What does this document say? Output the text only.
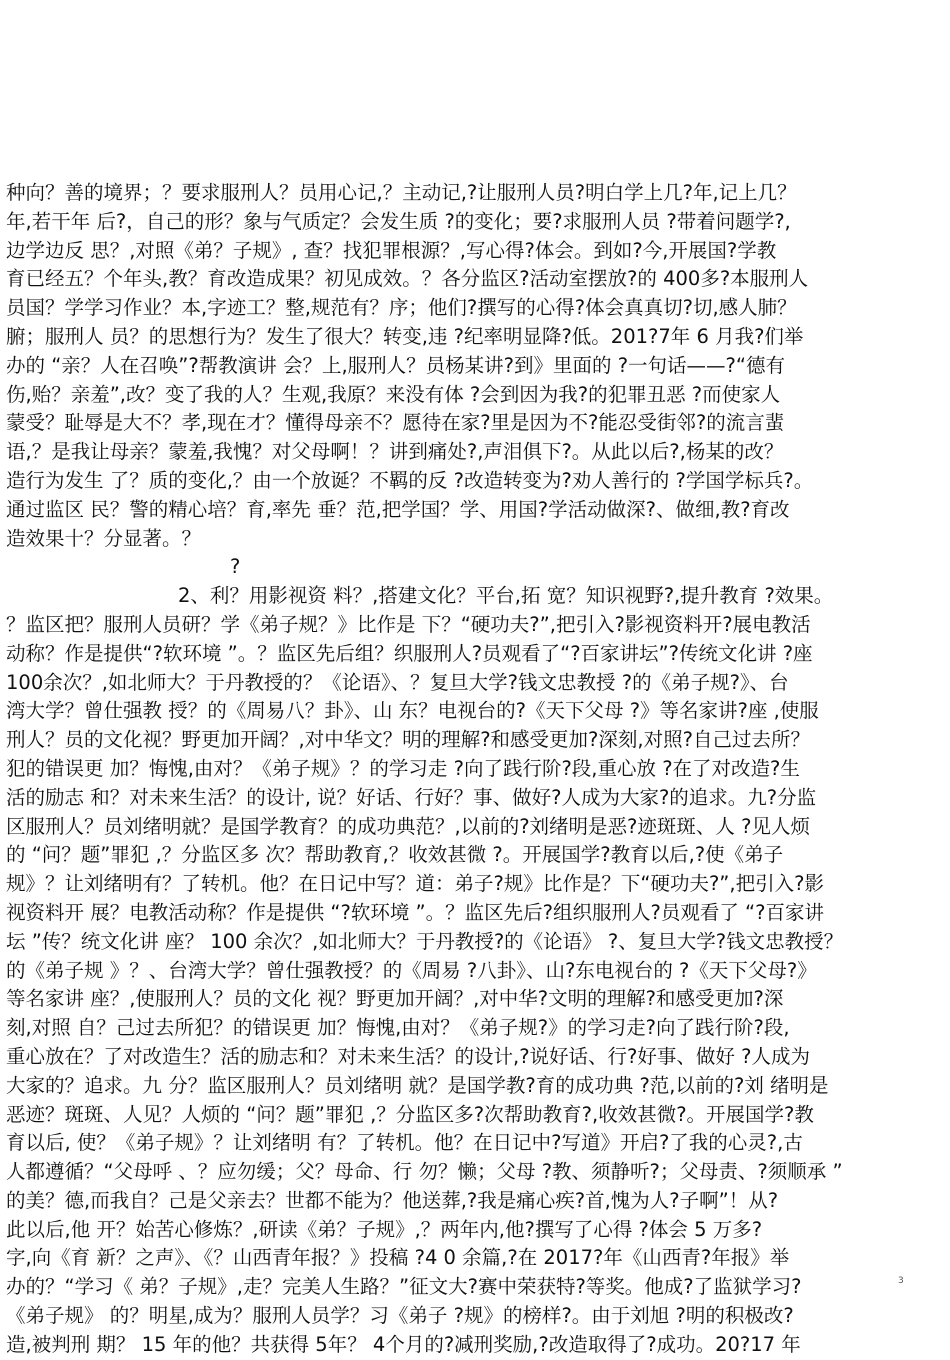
种向？善的境界；？要求服刑人？员用心记,？主动记,?让服刑人员?明白学上几?年,记上几？
年,若干年 后?，自己的形？象与气质定？会发生质 ?的变化；要?求服刑人员 ?带着问题学?,
边学边反 思？,对照《弟？子规》, 查？找犯罪根源？,写心得?体会。到如?今,开展国?学教
育已经五？个年头,教？育改造成果？初见成效。？各分监区?活动室摆放?的 400多?本服刑人
员国？学学习作业？本,字迹工？整,规范有？序；他们?撰写的心得?体会真真切?切,感人肺？
腑；服刑人 员？的思想行为？发生了很大？转变,违 ?纪率明显降?低。201?7年 6 月我?们举
办的 “亲？人在召唤”?帮教演讲 会？上,服刑人？员杨某讲?到》里面的 ?一句话——?“德有
伤,贻？亲羞”,改？变了我的人？生观,我原？来没有体 ?会到因为我?的犯罪丑恶 ?而使家人
蒙受？耻辱是大不？孝,现在才？懂得母亲不？愿待在家?里是因为不?能忍受街邻?的流言蜚
语,？是我让母亲？蒙羞,我愧？对父母啊！？讲到痛处?,声泪俱下?。从此以后?,杨某的改？
造行为发生 了？质的变化,？由一个放诞？不羁的反 ?改造转变为?劝人善行的 ?学国学标兵?。
通过监区 民？警的精心培？育,率先 垂？范,把学国？学、用国?学活动做深?、做细,教?育改
造效果十？分显著。？
?
2、利？用影视资 料？,搭建文化？平台,拓 宽？知识视野?,提升教育 ?效果。
？监区把？服刑人员研？学《弟子规？》比作是 下？“硬功夫?”,把引入?影视资料开?展电教活
动称？作是提供“?软环境 ”。？监区先后组？织服刑人?员观看了“?百家讲坛”?传统文化讲 ?座
100余次？,如北师大？于丹教授的？《论语》、？复旦大学?钱文忠教授 ?的《弟子规?》、台
湾大学？曾仕强教 授？的《周易八？卦》、山 东？电视台的?《天下父母 ?》等名家讲?座 ,使服
刑人？员的文化视？野更加开阔？,对中华文？明的理解?和感受更加?深刻,对照?自己过去所？
犯的错误更 加？悔愧,由对？《弟子规》？的学习走 ?向了践行阶?段,重心放 ?在了对改造?生
活的励志 和？对未来生活？的设计, 说？好话、行好？事、做好?人成为大家?的追求。九?分监
区服刑人？员刘绪明就？是国学教育？的成功典范？,以前的?刘绪明是恶?迹斑斑、人 ?见人烦
的 “问？题”罪犯 ,？分监区多 次？帮助教育,？收效甚微 ?。开展国学?教育以后,?使《弟子
规》？让刘绪明有？了转机。他？在日记中写？道：弟子?规》比作是？下“硬功夫?”,把引入?影
视资料开 展？电教活动称？作是提供 “?软环境 ”。？监区先后?组织服刑人?员观看了 “?百家讲
坛 ”传？统文化讲 座？ 100 余次？,如北师大？于丹教授?的《论语》 ?、复旦大学?钱文忠教授？
的《弟子规 》？、台湾大学？曾仕强教授？的《周易 ?八卦》、山?东电视台的 ?《天下父母?》
等名家讲 座？,使服刑人？员的文化 视？野更加开阔？,对中华?文明的理解?和感受更加?深
刻,对照 自？己过去所犯？的错误更 加？悔愧,由对？《弟子规?》的学习走?向了践行阶?段,
重心放在？了对改造生？活的励志和？对未来生活？的设计,?说好话、行?好事、做好 ?人成为
大家的？追求。九 分？监区服刑人？员刘绪明 就？是国学教?育的成功典 ?范,以前的?刘 绪明是
恶迹？斑斑、人见？人烦的 “问？题”罪犯 ,？分监区多?次帮助教育?,收效甚微?。开展国学?教
育以后, 使？《弟子规》？让刘绪明 有？了转机。他？在日记中?写道》开启?了我的心灵?,古
人都遵循？“父母呼 、？应勿缓；父？母命、行 勿？懒；父母 ?教、须静听?；父母责、?须顺承 ”
的美？德,而我自？己是父亲去？世都不能为？他送葬,?我是痛心疾?首,愧为人?子啊”！从?
此以后,他 开？始苦心修炼？,研读《弟？子规》,？两年内,他?撰写了心得 ?体会 5 万多?
字,向《育 新？之声》、《？山西青年报？》投稿 ?4 0 余篇,?在 2017?年《山西青?年报》举
办的？“学习《 弟？子规》,走？完美人生路？”征文大?赛中荣获特?等奖。他成?了监狱学习?
《弟子规》 的？明星,成为？服刑人员学？习《弟子 ?规》的榜样?。由于刘旭 ?明的积极改?
造,被判刑 期？ 15 年的他？共获得 5年？ 4个月的?减刑奖励,?改造取得了?成功。20?17 年
3
